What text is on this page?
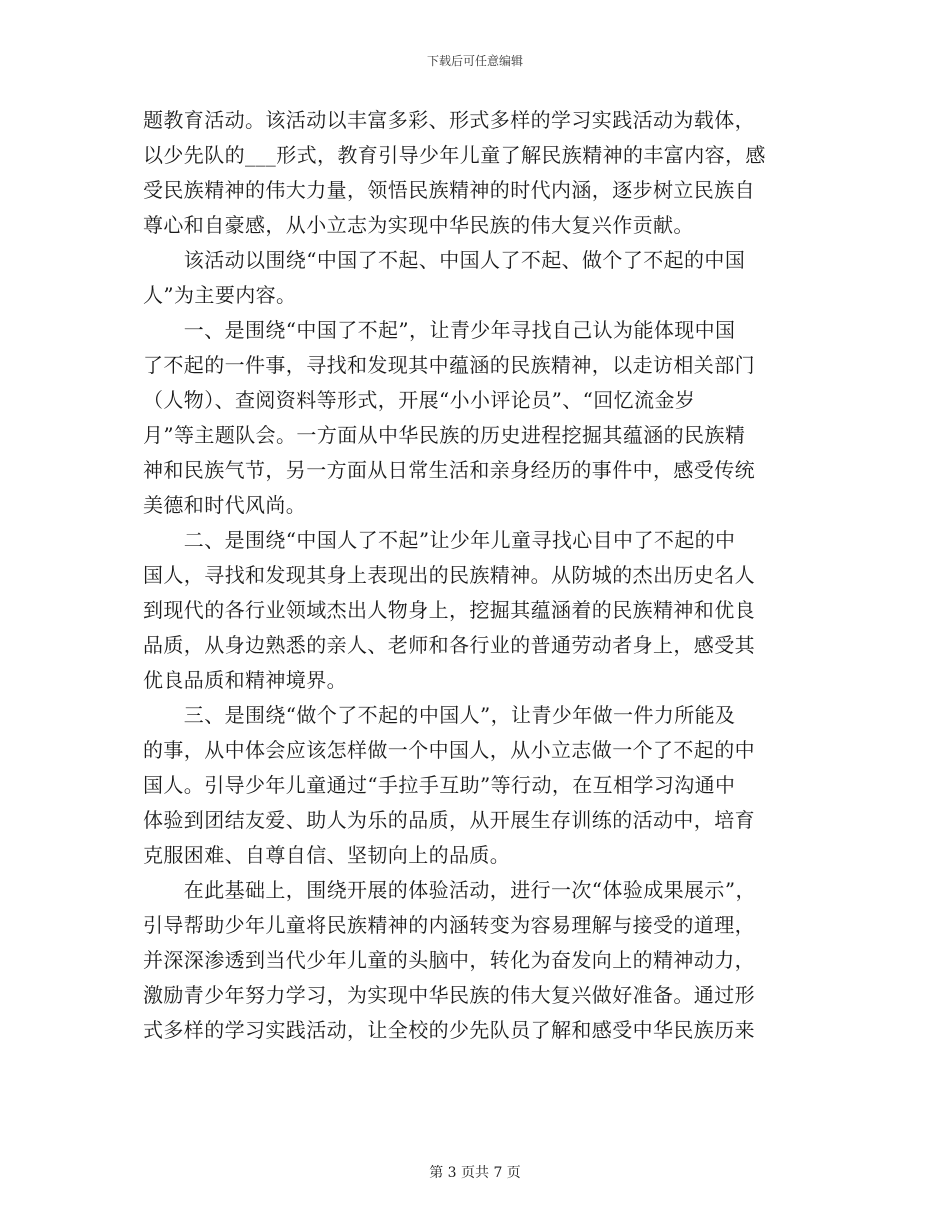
下载后可任意编辑
题教育活动。该活动以丰富多彩、形式多样的学习实践活动为载体，
以少先队的___形式，教育引导少年儿童了解民族精神的丰富内容，感
受民族精神的伟大力量，领悟民族精神的时代内涵，逐步树立民族自
尊心和自豪感，从小立志为实现中华民族的伟大复兴作贡献。
　　该活动以围绕“中国了不起、中国人了不起、做个了不起的中国
人”为主要内容。
　　一、是围绕“中国了不起”，让青少年寻找自己认为能体现中国
了不起的一件事，寻找和发现其中蕴涵的民族精神，以走访相关部门
（人物）、查阅资料等形式，开展“小小评论员”、“回忆流金岁
月”等主题队会。一方面从中华民族的历史进程挖掘其蕴涵的民族精
神和民族气节，另一方面从日常生活和亲身经历的事件中，感受传统
美德和时代风尚。
　　二、是围绕“中国人了不起”让少年儿童寻找心目中了不起的中
国人，寻找和发现其身上表现出的民族精神。从防城的杰出历史名人
到现代的各行业领域杰出人物身上，挖掘其蕴涵着的民族精神和优良
品质，从身边熟悉的亲人、老师和各行业的普通劳动者身上，感受其
优良品质和精神境界。
　　三、是围绕“做个了不起的中国人”，让青少年做一件力所能及
的事，从中体会应该怎样做一个中国人，从小立志做一个了不起的中
国人。引导少年儿童通过“手拉手互助”等行动，在互相学习沟通中
体验到团结友爱、助人为乐的品质，从开展生存训练的活动中，培育
克服困难、自尊自信、坚韧向上的品质。
　　在此基础上，围绕开展的体验活动，进行一次“体验成果展示”，
引导帮助少年儿童将民族精神的内涵转变为容易理解与接受的道理，
并深深渗透到当代少年儿童的头脑中，转化为奋发向上的精神动力，
激励青少年努力学习，为实现中华民族的伟大复兴做好准备。通过形
式多样的学习实践活动，让全校的少先队员了解和感受中华民族历来
第 3 页共 7 页
